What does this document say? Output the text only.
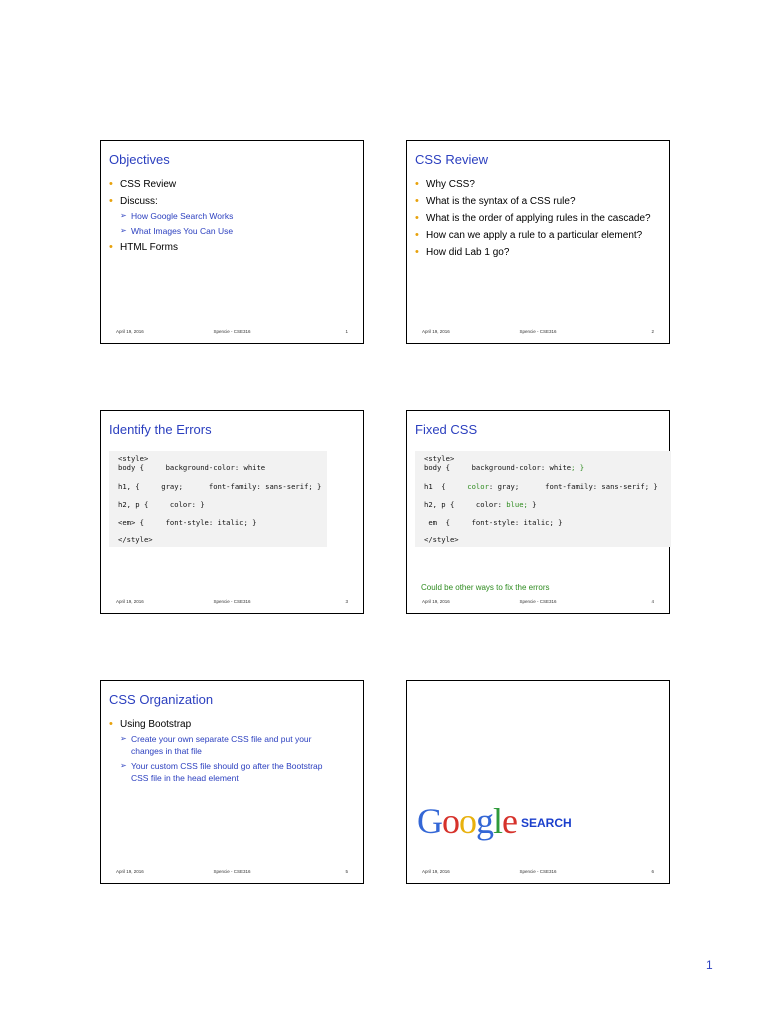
Objectives
• CSS Review
• Discuss:
➢ How Google Search Works
➢ What Images You Can Use
• HTML Forms
April 19, 2016	Spencie - CSE316	1
CSS Review
• Why CSS?
• What is the syntax of a CSS rule?
• What is the order of applying rules in the cascade?
• How can we apply a rule to a particular element?
• How did Lab 1 go?
April 19, 2016	Spencie - CSE316	2
Identify the Errors
<style>
body {     background-color: white
h1, {     gray;      font-family: sans-serif; }
h2, p {     color: }
<em> {     font-style: italic; }
</style>
April 19, 2016	Spencie - CSE316	3
Fixed CSS
<style>
body {     background-color: white; }
h1  {     color: gray;      font-family: sans-serif; }
h2, p {     color: blue; }
em  {     font-style: italic; }
</style>
Could be other ways to fix the errors
April 19, 2016	Spencie - CSE316	4
CSS Organization
• Using Bootstrap
➢ Create your own separate CSS file and put your changes in that file
➢ Your custom CSS file should go after the Bootstrap CSS file in the head element
April 19, 2016	Spencie - CSE316	5
Google SEARCH
April 19, 2016	Spencie - CSE316	6
1
